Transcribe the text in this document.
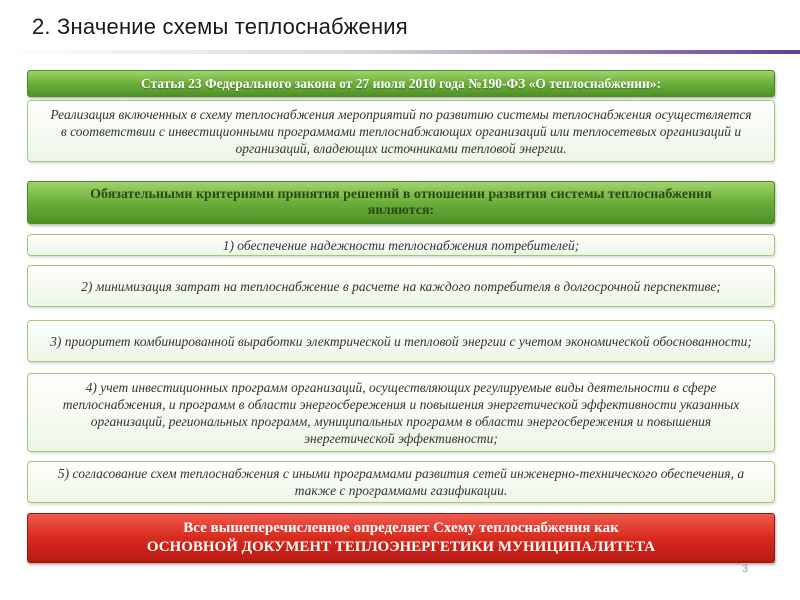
2. Значение схемы теплоснабжения
Статья 23 Федерального закона от 27 июля 2010 года №190-ФЗ «О теплоснабжении»:
Реализация включенных в схему теплоснабжения мероприятий по развитию системы теплоснабжения осуществляется в соответствии с инвестиционными программами теплоснабжающих организаций или теплосетевых организаций и организаций, владеющих источниками тепловой энергии.
Обязательными критериями принятия решений в отношении развития системы теплоснабжения являются:
1) обеспечение надежности теплоснабжения потребителей;
2) минимизация затрат на теплоснабжение в расчете на каждого потребителя в долгосрочной перспективе;
3) приоритет комбинированной выработки электрической и тепловой энергии с учетом экономической обоснованности;
4) учет инвестиционных программ организаций, осуществляющих регулируемые виды деятельности в сфере теплоснабжения, и программ в области энергосбережения и повышения энергетической эффективности указанных организаций, региональных программ, муниципальных программ в области энергосбережения и повышения энергетической эффективности;
5) согласование схем теплоснабжения с иными программами развития сетей инженерно-технического обеспечения, а также с программами газификации.
Все вышеперечисленное определяет Схему теплоснабжения как
ОСНОВНОЙ ДОКУМЕНТ ТЕПЛОЭНЕРГЕТИКИ МУНИЦИПАЛИТЕТА
3
